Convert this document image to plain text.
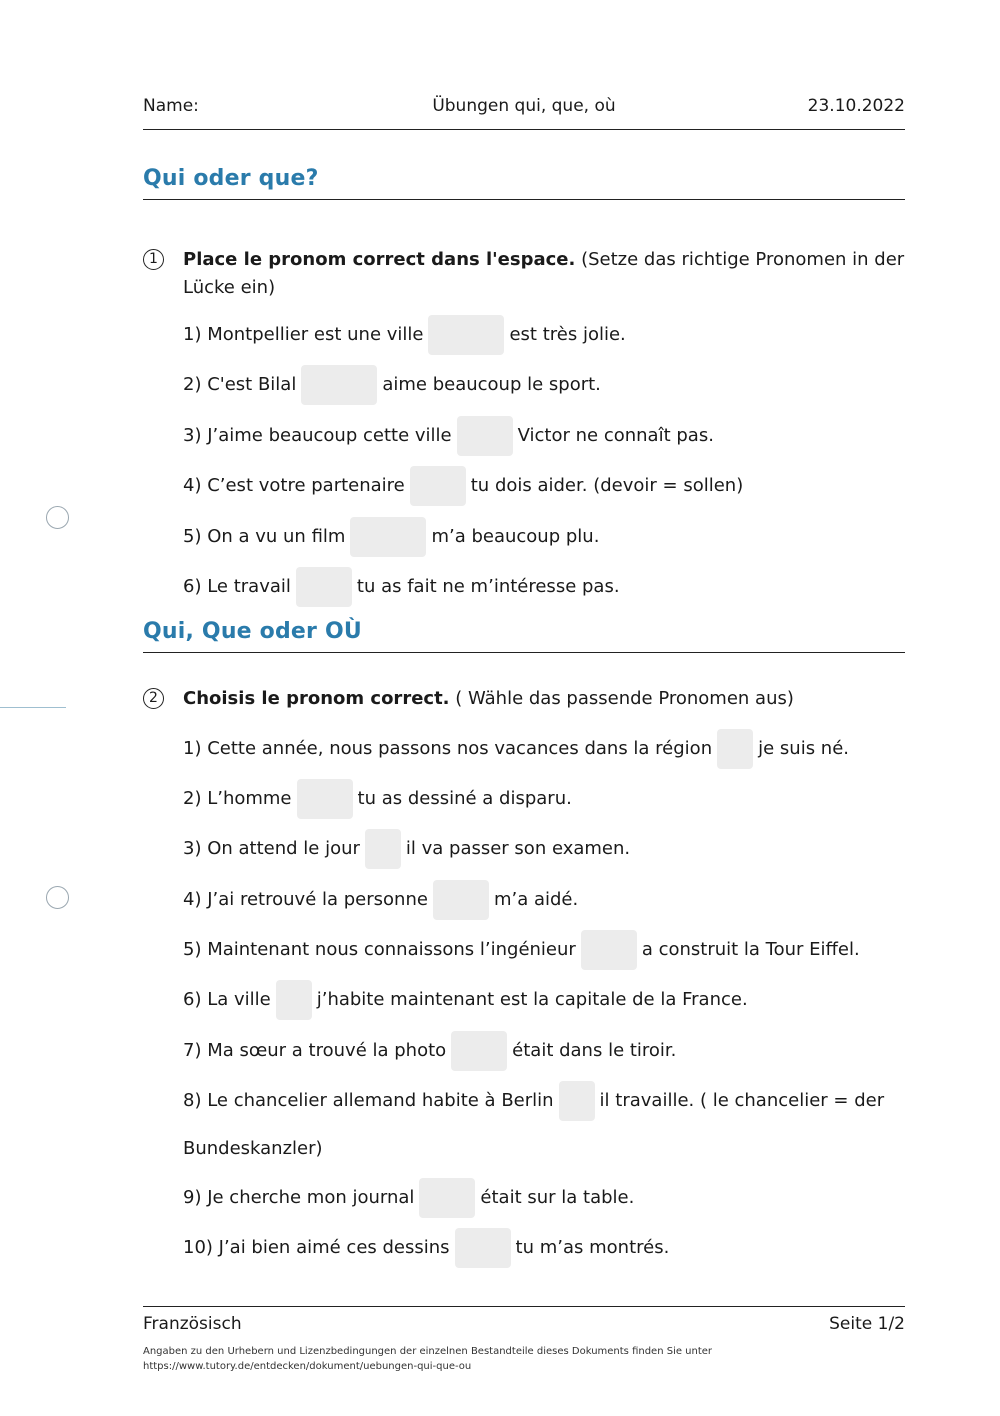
Name:	Übungen qui, que, où	23.10.2022
Qui oder que?
1	Place le pronom correct dans l'espace. (Setze das richtige Pronomen in der Lücke ein)
1) Montpellier est une ville	est très jolie.
2) C'est Bilal	aime beaucoup le sport.
3) J’aime beaucoup cette ville	Victor ne connaît pas.
4) C’est votre partenaire	tu dois aider. (devoir = sollen)
5) On a vu un film	m’a beaucoup plu.
6) Le travail	tu as fait ne m’intéresse pas.
Qui, Que oder OÙ
2	Choisis le pronom correct. ( Wähle das passende Pronomen aus)
1) Cette année, nous passons nos vacances dans la région	je suis né.
2) L’homme	tu as dessiné a disparu.
3) On attend le jour	il va passer son examen.
4) J’ai retrouvé la personne	m’a aidé.
5) Maintenant nous connaissons l’ingénieur	a construit la Tour Eiffel.
6) La ville	j’habite maintenant est la capitale de la France.
7) Ma sœur a trouvé la photo	était dans le tiroir.
8) Le chancelier allemand habite à Berlin	il travaille. ( le chancelier = der
Bundeskanzler)
9) Je cherche mon journal	était sur la table.
10) J’ai bien aimé ces dessins	tu m’as montrés.
Französisch	Seite 1/2
Angaben zu den Urhebern und Lizenzbedingungen der einzelnen Bestandteile dieses Dokuments finden Sie unter
https://www.tutory.de/entdecken/dokument/uebungen-qui-que-ou
